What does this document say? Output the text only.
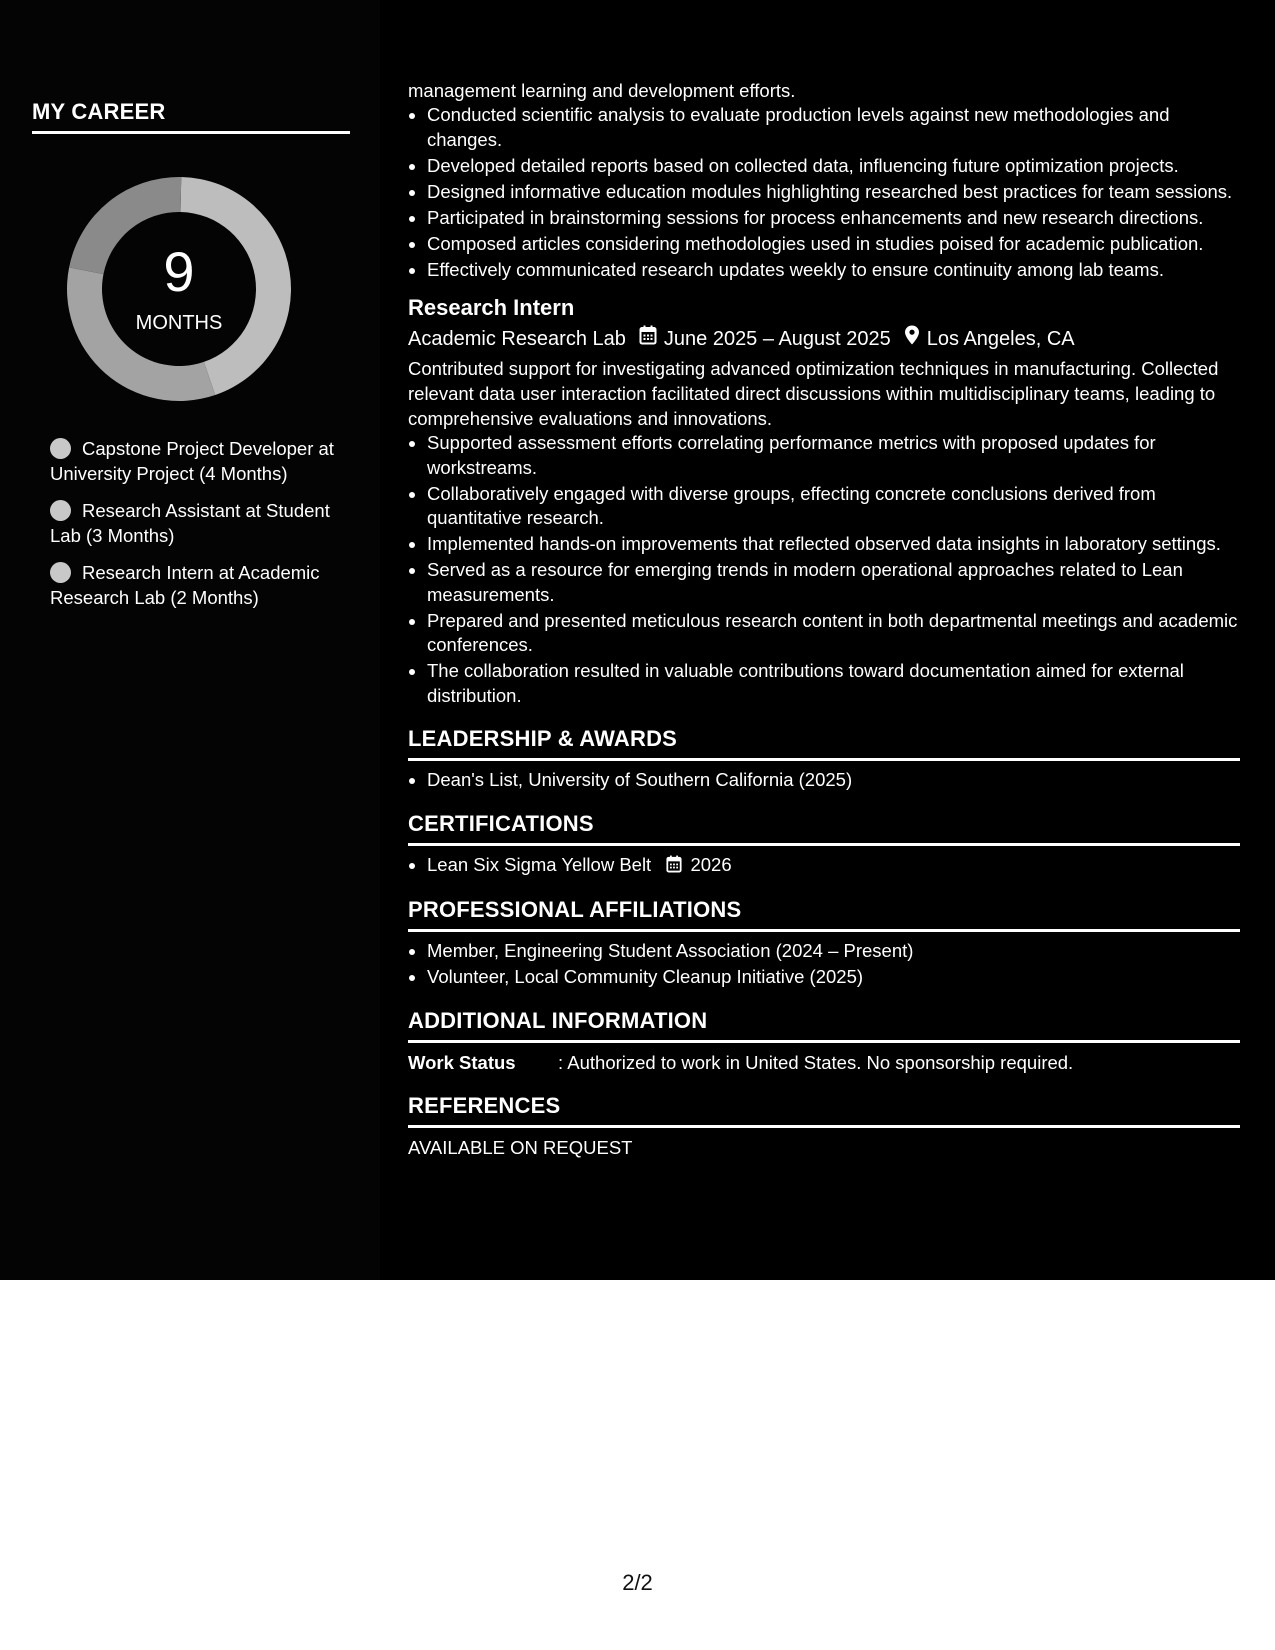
MY CAREER
9
MONTHS
Capstone Project Developer at University Project (4 Months)
Research Assistant at Student Lab (3 Months)
Research Intern at Academic Research Lab (2 Months)

management learning and development efforts.

• Conducted scientific analysis to evaluate production levels against new methodologies and changes.
• Developed detailed reports based on collected data, influencing future optimization projects.
• Designed informative education modules highlighting researched best practices for team sessions.
• Participated in brainstorming sessions for process enhancements and new research directions.
• Composed articles considering methodologies used in studies poised for academic publication.
• Effectively communicated research updates weekly to ensure continuity among lab teams.
Research Intern
Academic Research Lab June 2025 – August 2025 Los Angeles, CA

Contributed support for investigating advanced optimization techniques in manufacturing. Collected relevant data user interaction facilitated direct discussions within multidisciplinary teams, leading to comprehensive evaluations and innovations.

• Supported assessment efforts correlating performance metrics with proposed updates for workstreams.
• Collaboratively engaged with diverse groups, effecting concrete conclusions derived from quantitative research.
• Implemented hands-on improvements that reflected observed data insights in laboratory settings.
• Served as a resource for emerging trends in modern operational approaches related to Lean measurements.
• Prepared and presented meticulous research content in both departmental meetings and academic conferences.
• The collaboration resulted in valuable contributions toward documentation aimed for external distribution.
LEADERSHIP & AWARDS
• Dean's List, University of Southern California (2025)
CERTIFICATIONS
• Lean Six Sigma Yellow Belt 2026
PROFESSIONAL AFFILIATIONS
• Member, Engineering Student Association (2024 – Present)
• Volunteer, Local Community Cleanup Initiative (2025)
ADDITIONAL INFORMATION
Work Status	: Authorized to work in United States. No sponsorship required.
REFERENCES

AVAILABLE ON REQUEST

2/2
